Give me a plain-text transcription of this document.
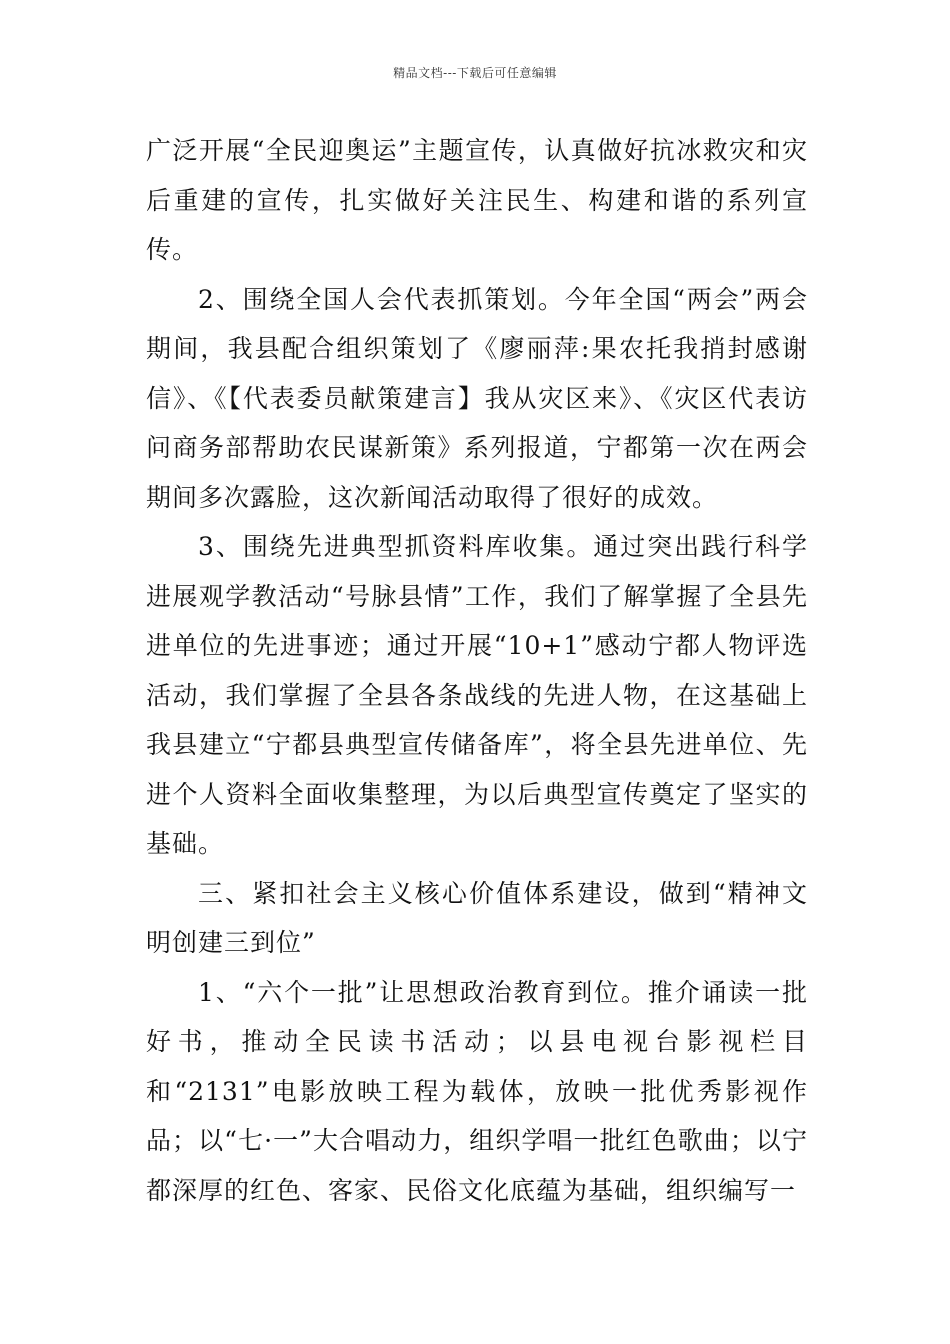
精品文档---下载后可任意编辑

广泛开展“全民迎奥运”主题宣传，认真做好抗冰救灾和灾后重建的宣传，扎实做好关注民生、构建和谐的系列宣传。

2、围绕全国人会代表抓策划。今年全国“两会”两会期间，我县配合组织策划了《廖丽萍:果农托我捎封感谢信》、《【代表委员献策建言】我从灾区来》、《灾区代表访问商务部帮助农民谋新策》系列报道，宁都第一次在两会期间多次露脸，这次新闻活动取得了很好的成效。

3、围绕先进典型抓资料库收集。通过突出践行科学进展观学教活动“号脉县情”工作，我们了解掌握了全县先进单位的先进事迹；通过开展“10+1”感动宁都人物评选活动，我们掌握了全县各条战线的先进人物，在这基础上我县建立“宁都县典型宣传储备库”，将全县先进单位、先进个人资料全面收集整理，为以后典型宣传奠定了坚实的基础。

三、紧扣社会主义核心价值体系建设，做到“精神文明创建三到位”

1、“六个一批”让思想政治教育到位。推介诵读一批好书，推动全民读书活动；以县电视台影视栏目和“2131”电影放映工程为载体，放映一批优秀影视作品；以“七·一”大合唱动力，组织学唱一批红色歌曲；以宁都深厚的红色、客家、民俗文化底蕴为基础，组织编写一
